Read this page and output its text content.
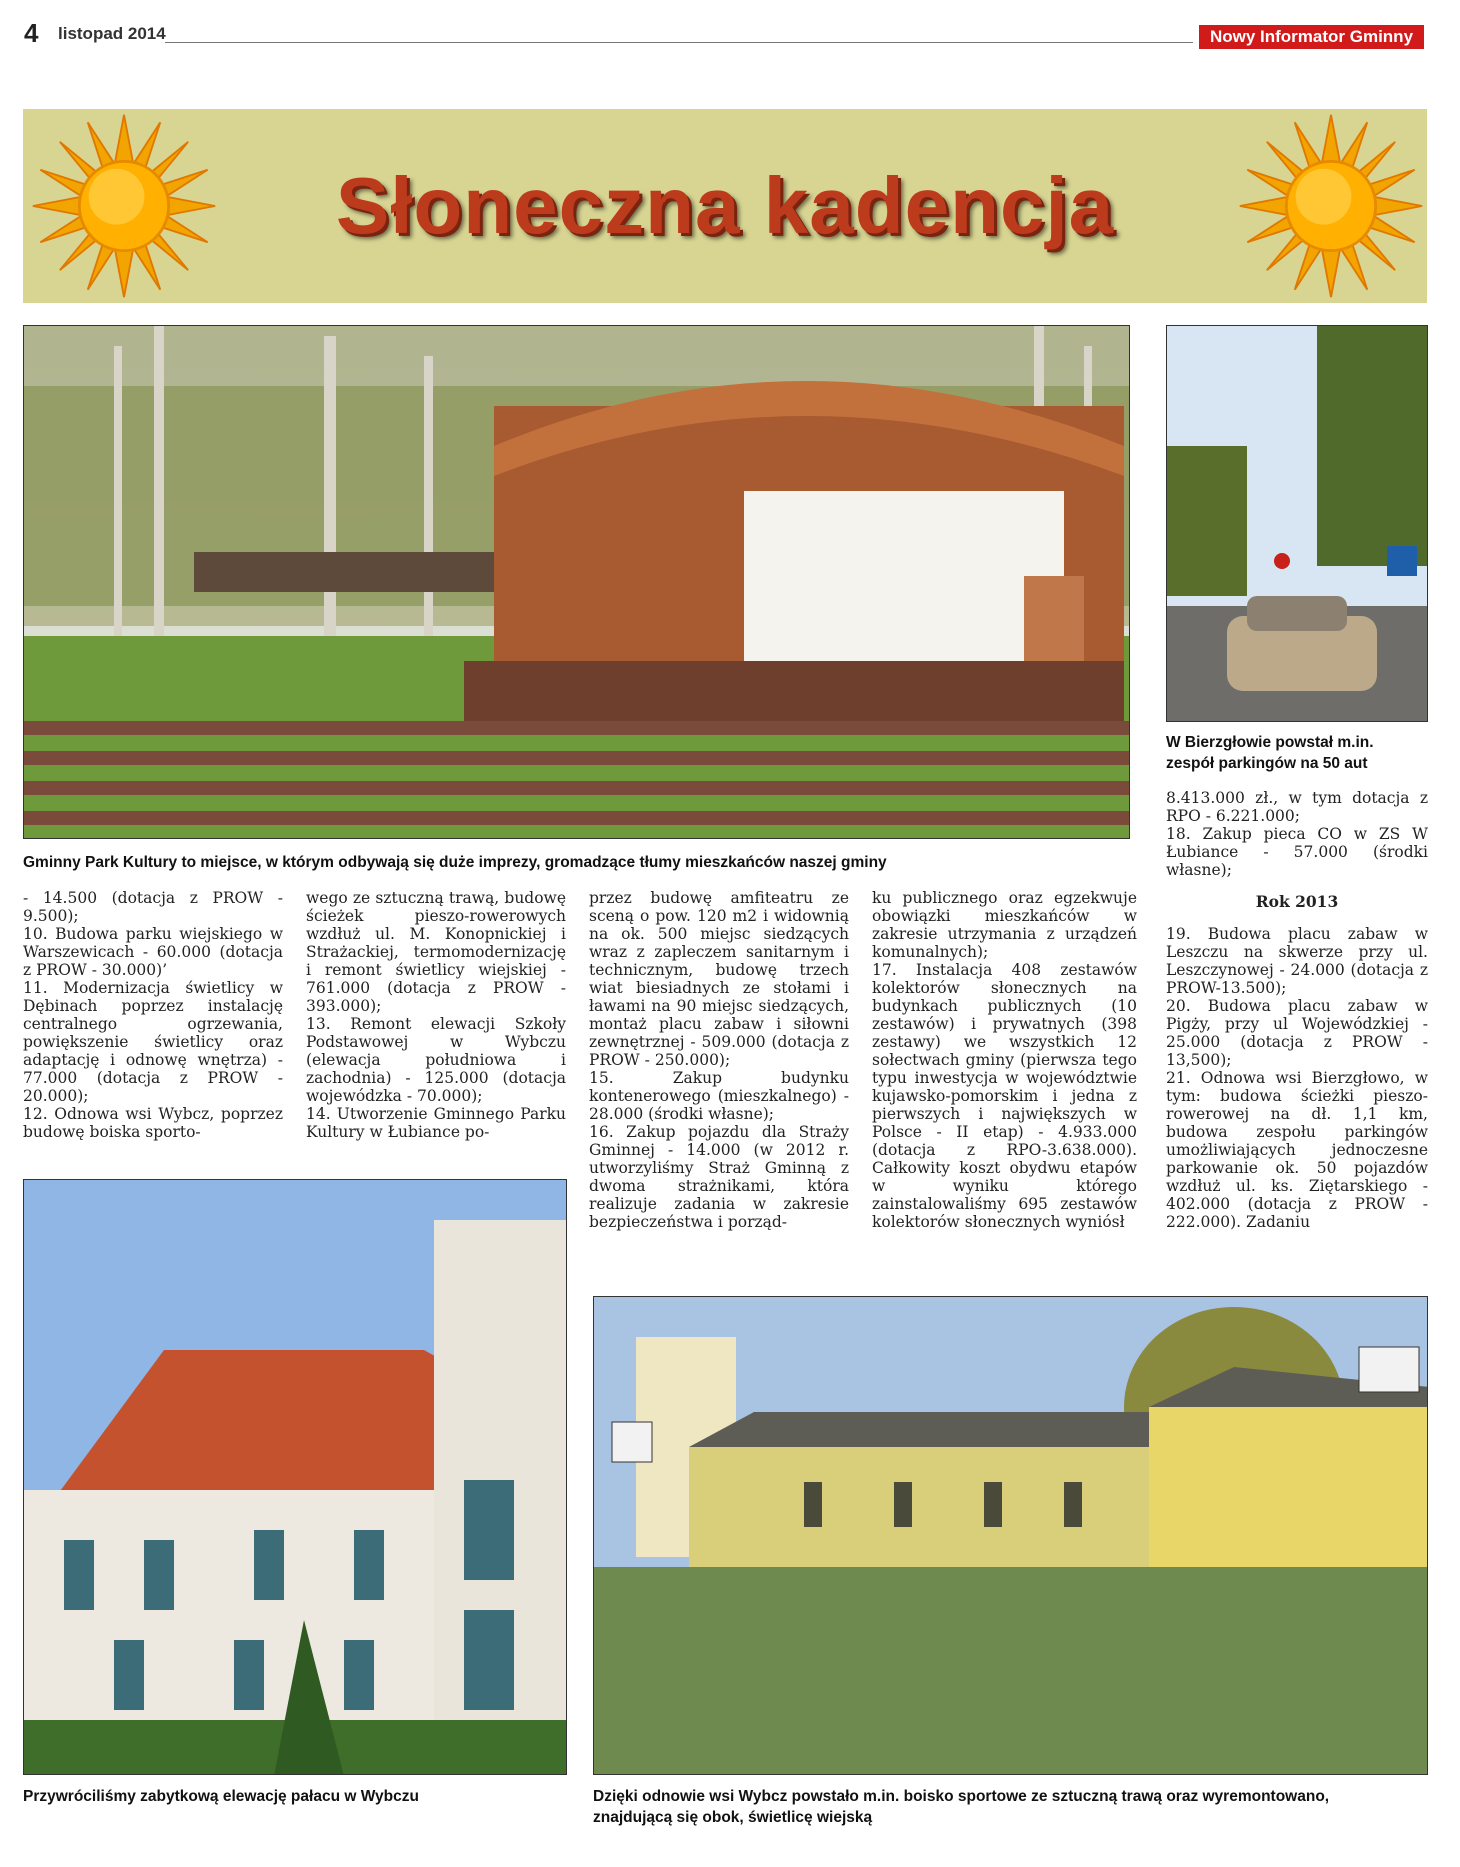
4 listopad 2014	Nowy Informator Gminny
Słoneczna kadencja
Gminny Park Kultury to miejsce, w którym odbywają się duże imprezy, gromadzące tłumy mieszkańców naszej gminy
W Bierzgłowie powstał m.in.
zespół parkingów na 50 aut

- 14.500 (dotacja z PROW - 9.500);

10. Budowa parku wiejskiego w Warszewicach - 60.000 (dotacja z PROW - 30.000)’

11. Modernizacja świetlicy w Dębinach poprzez instalację centralnego ogrzewania, powiększenie świetlicy oraz adaptację i odnowę wnętrza) - 77.000 (dotacja z PROW - 20.000);

12. Odnowa wsi Wybcz, poprzez budowę boiska sporto-

wego ze sztuczną trawą, budowę ścieżek pieszo-rowerowych wzdłuż ul. M. Konopnickiej i Strażackiej, termomodernizację i remont świetlicy wiejskiej - 761.000 (dotacja z PROW - 393.000);

13. Remont elewacji Szkoły Podstawowej w Wybczu (elewacja południowa i zachodnia) - 125.000 (dotacja wojewódzka - 70.000);

14. Utworzenie Gminnego Parku Kultury w Łubiance po-

przez budowę amfiteatru ze sceną o pow. 120 m2 i widownią na ok. 500 miejsc siedzących wraz z zapleczem sanitarnym i technicznym, budowę trzech wiat biesiadnych ze stołami i ławami na 90 miejsc siedzących, montaż placu zabaw i siłowni zewnętrznej - 509.000 (dotacja z PROW - 250.000);

15. Zakup budynku kontenerowego (mieszkalnego) - 28.000 (środki własne);

16. Zakup pojazdu dla Straży Gminnej - 14.000 (w 2012 r. utworzyliśmy Straż Gminną z dwoma strażnikami, która realizuje zadania w zakresie bezpieczeństwa i porząd-

ku publicznego oraz egzekwuje obowiązki mieszkańców w zakresie utrzymania z urządzeń komunalnych);

17. Instalacja 408 zestawów kolektorów słonecznych na budynkach publicznych (10 zestawów) i prywatnych (398 zestawy) we wszystkich 12 sołectwach gminy (pierwsza tego typu inwestycja w województwie kujawsko-pomorskim i jedna z pierwszych i największych w Polsce - II etap) - 4.933.000 (dotacja z RPO-3.638.000). Całkowity koszt obydwu etapów w wyniku którego zainstalowaliśmy 695 zestawów kolektorów słonecznych wyniósł

8.413.000 zł., w tym dotacja z RPO - 6.221.000;

18. Zakup pieca CO w ZS W Łubiance - 57.000 (środki własne);

Rok 2013

19. Budowa placu zabaw w Leszczu na skwerze przy ul. Leszczynowej - 24.000 (dotacja z PROW-13.500);

20. Budowa placu zabaw w Pigży, przy ul Wojewódzkiej - 25.000 (dotacja z PROW - 13,500);

21. Odnowa wsi Bierzgłowo, w tym: budowa ścieżki pieszo-rowerowej na dł. 1,1 km, budowa zespołu parkingów umożliwiających jednoczesne parkowanie ok. 50 pojazdów wzdłuż ul. ks. Ziętarskiego - 402.000 (dotacja z PROW - 222.000). Zadaniu

Przywróciliśmy zabytkową elewację pałacu w Wybczu	Dzięki odnowie wsi Wybcz powstało m.in. boisko sportowe ze sztuczną trawą oraz wyremontowano,
znajdującą się obok, świetlicę wiejską
